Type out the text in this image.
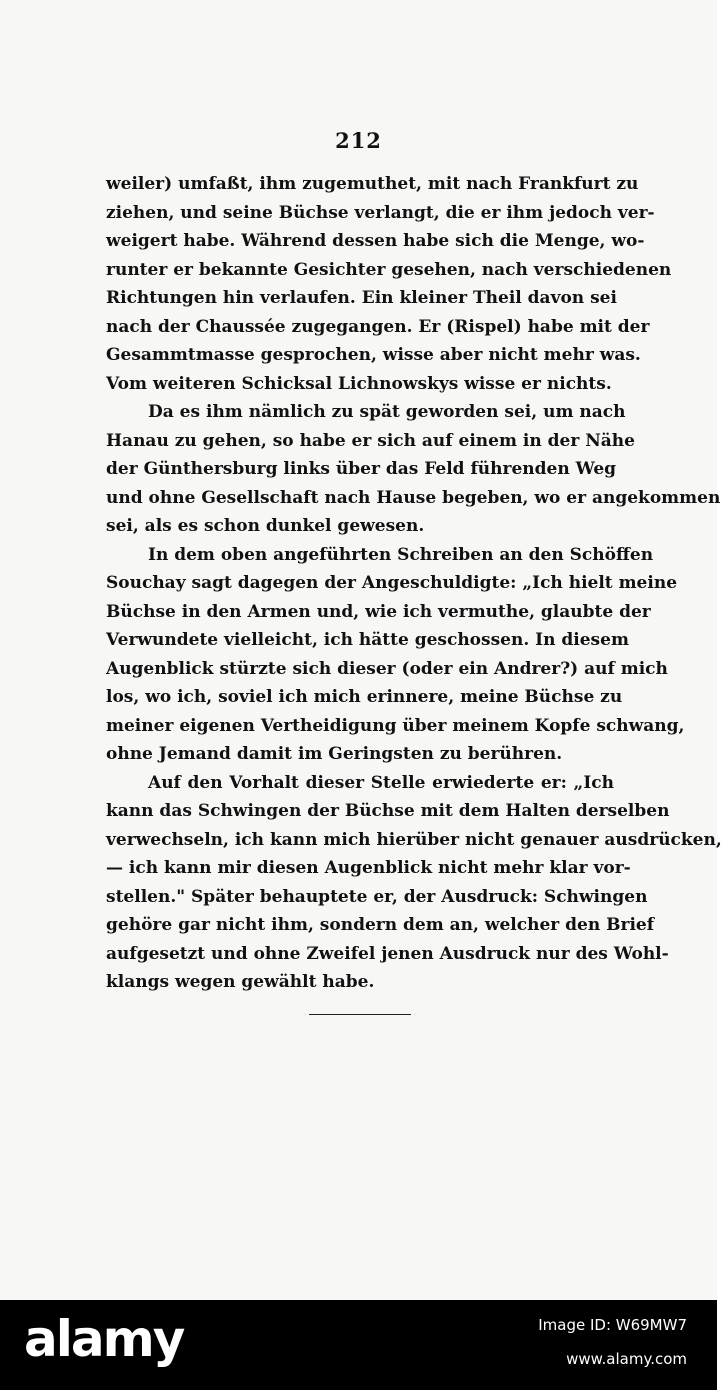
212

weiler) umfaßt, ihm zugemuthet, mit nach Frankfurt zu
ziehen, und seine Büchse verlangt, die er ihm jedoch ver-
weigert habe. Während dessen habe sich die Menge, wo-
runter er bekannte Gesichter gesehen, nach verschiedenen
Richtungen hin verlaufen. Ein kleiner Theil davon sei
nach der Chaussée zugegangen. Er (Rispel) habe mit der
Gesammtmasse gesprochen, wisse aber nicht mehr was.
Vom weiteren Schicksal Lichnowskys wisse er nichts.

Da es ihm nämlich zu spät geworden sei, um nach
Hanau zu gehen, so habe er sich auf einem in der Nähe
der Günthersburg links über das Feld führenden Weg
und ohne Gesellschaft nach Hause begeben, wo er angekommen
sei, als es schon dunkel gewesen.

In dem oben angeführten Schreiben an den Schöffen
Souchay sagt dagegen der Angeschuldigte: „Ich hielt meine
Büchse in den Armen und, wie ich vermuthe, glaubte der
Verwundete vielleicht, ich hätte geschossen. In diesem
Augenblick stürzte sich dieser (oder ein Andrer?) auf mich
los, wo ich, soviel ich mich erinnere, meine Büchse zu
meiner eigenen Vertheidigung über meinem Kopfe schwang,
ohne Jemand damit im Geringsten zu berühren.

Auf den Vorhalt dieser Stelle erwiederte er: „Ich
kann das Schwingen der Büchse mit dem Halten derselben
verwechseln, ich kann mich hierüber nicht genauer ausdrücken,
— ich kann mir diesen Augenblick nicht mehr klar vor-
stellen." Später behauptete er, der Ausdruck: Schwingen
gehöre gar nicht ihm, sondern dem an, welcher den Brief
aufgesetzt und ohne Zweifel jenen Ausdruck nur des Wohl-
klangs wegen gewählt habe.

alamy	Image ID: W69MW7
www.alamy.com
